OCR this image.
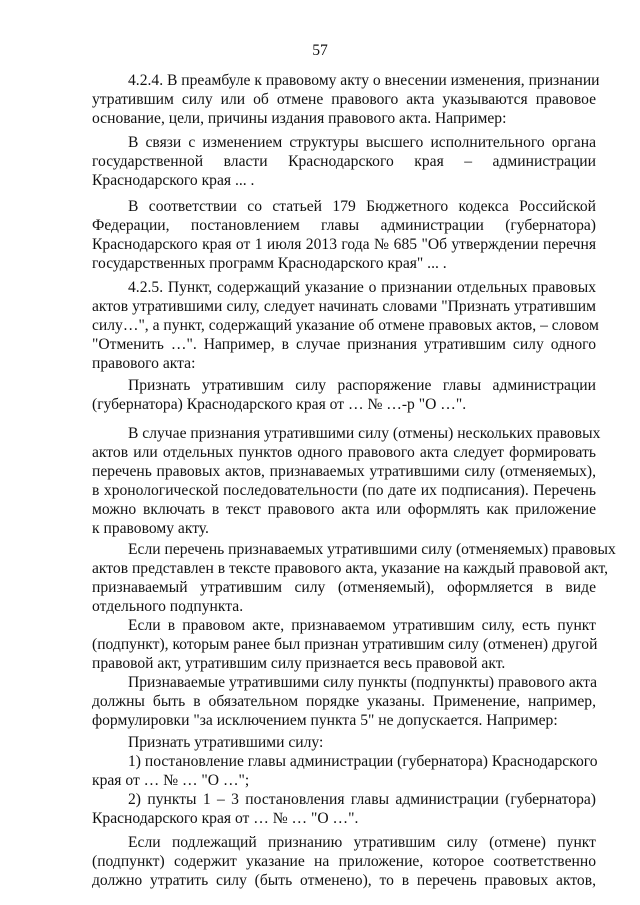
57
4.2.4. В преамбуле к правовому акту о внесении изменения, признании
утратившим силу или об отмене правового акта указываются правовое
основание, цели, причины издания правового акта. Например:
В связи с изменением структуры высшего исполнительного органа
государственной власти Краснодарского края – администрации
Краснодарского края ... .
В соответствии со статьей 179 Бюджетного кодекса Российской
Федерации, постановлением главы администрации (губернатора)
Краснодарского края от 1 июля 2013 года № 685 "Об утверждении перечня
государственных программ Краснодарского края" ... .
4.2.5. Пункт, содержащий указание о признании отдельных правовых
актов утратившими силу, следует начинать словами "Признать утратившим
силу…", а пункт, содержащий указание об отмене правовых актов, – словом
"Отменить …". Например, в случае признания утратившим силу одного
правового акта:
Признать утратившим силу распоряжение главы администрации
(губернатора) Краснодарского края от … № …-р "О …".
В случае признания утратившими силу (отмены) нескольких правовых
актов или отдельных пунктов одного правового акта следует формировать
перечень правовых актов, признаваемых утратившими силу (отменяемых),
в хронологической последовательности (по дате их подписания). Перечень
можно включать в текст правового акта или оформлять как приложение
к правовому акту.
Если перечень признаваемых утратившими силу (отменяемых) правовых
актов представлен в тексте правового акта, указание на каждый правовой акт,
признаваемый утратившим силу (отменяемый), оформляется в виде
отдельного подпункта.
Если в правовом акте, признаваемом утратившим силу, есть пункт
(подпункт), которым ранее был признан утратившим силу (отменен) другой
правовой акт, утратившим силу признается весь правовой акт.
Признаваемые утратившими силу пункты (подпункты) правового акта
должны быть в обязательном порядке указаны. Применение, например,
формулировки "за исключением пункта 5" не допускается. Например:
Признать утратившими силу:
1) постановление главы администрации (губернатора) Краснодарского
края от … № … "О …";
2) пункты 1 – 3 постановления главы администрации (губернатора)
Краснодарского края от … № … "О …".
Если подлежащий признанию утратившим силу (отмене) пункт
(подпункт) содержит указание на приложение, которое соответственно
должно утратить силу (быть отменено), то в перечень правовых актов,
